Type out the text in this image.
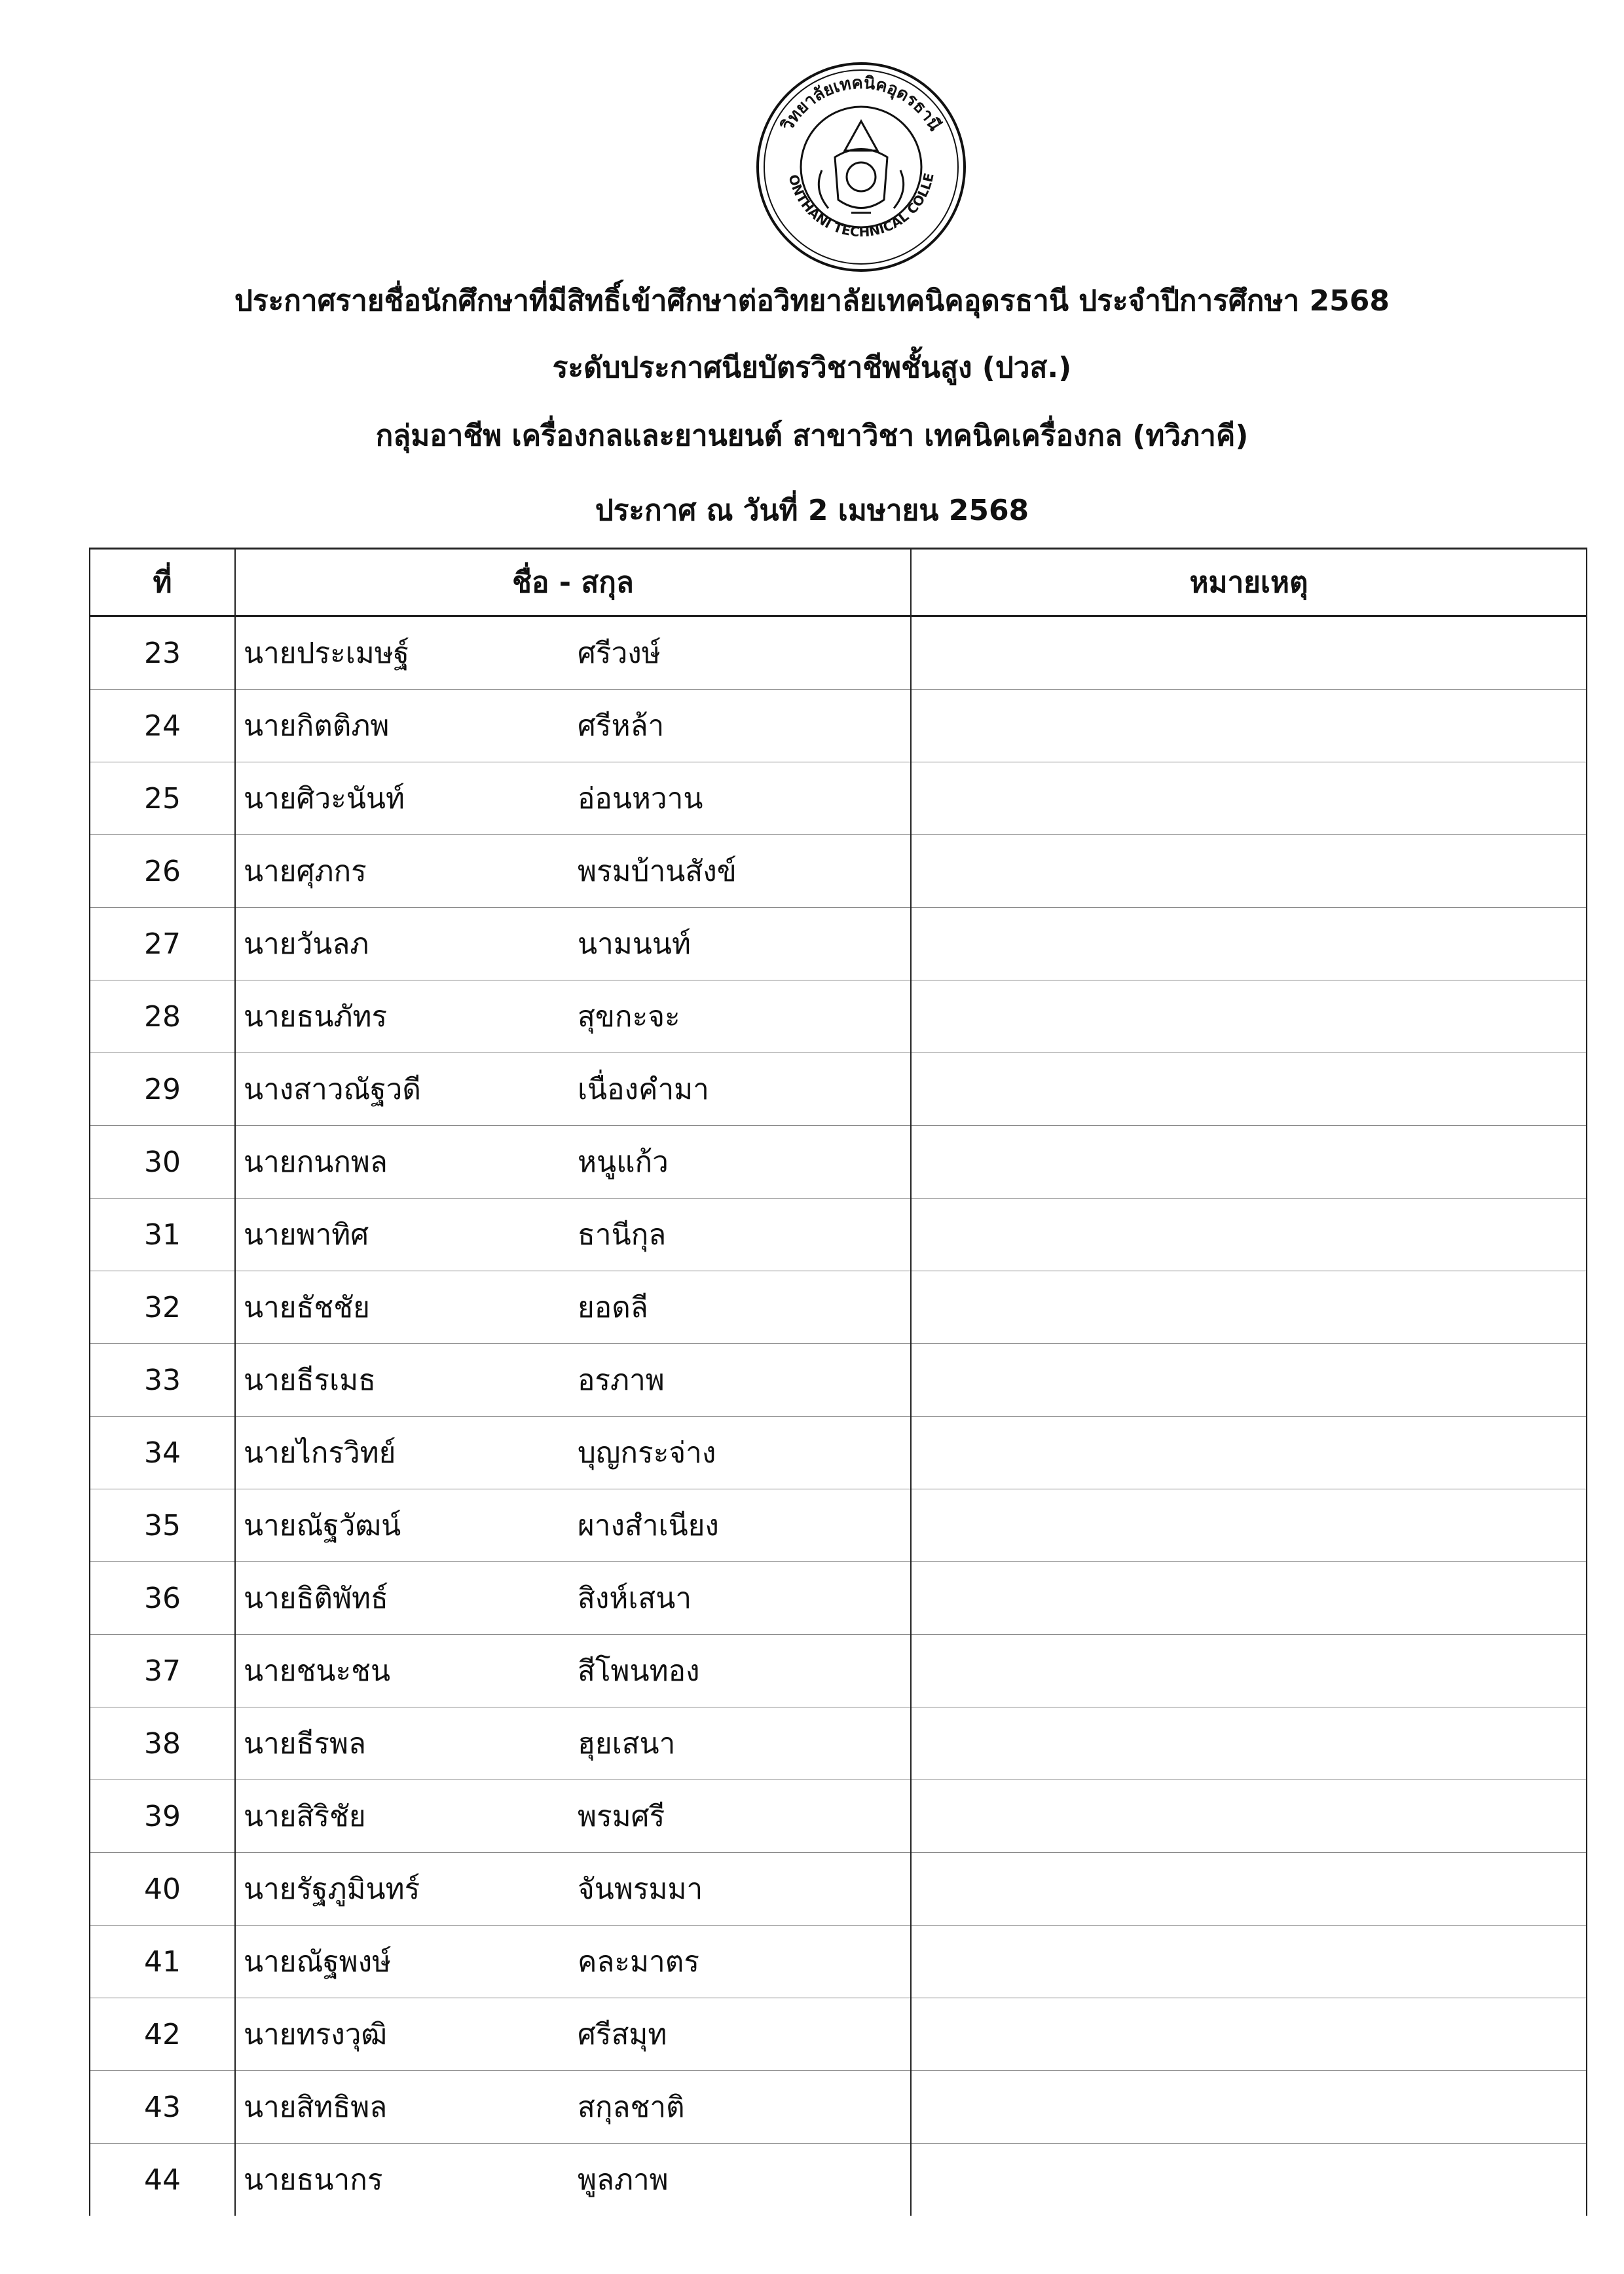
วิทยาลัยเทคนิคอุดรธานี
ONTHANI TECHNICAL COLLE
ประกาศรายชื่อนักศึกษาที่มีสิทธิ์เข้าศึกษาต่อวิทยาลัยเทคนิคอุดรธานี ประจำปีการศึกษา 2568
ระดับประกาศนียบัตรวิชาชีพชั้นสูง (ปวส.)
กลุ่มอาชีพ เครื่องกลและยานยนต์ สาขาวิชา เทคนิคเครื่องกล (ทวิภาคี)
ประกาศ ณ วันที่ 2 เมษายน 2568
ที่	ชื่อ - สกุล	หมายเหตุ
23	นายประเมษฐ์ ศรีวงษ์	
24	นายกิตติภพ ศรีหล้า	
25	นายศิวะนันท์ อ่อนหวาน	
26	นายศุภกร พรมบ้านสังข์	
27	นายวันลภ นามนนท์	
28	นายธนภัทร สุขกะจะ	
29	นางสาวณัฐวดี เนื่องคำมา	
30	นายกนกพล หนูแก้ว	
31	นายพาทิศ ธานีกุล	
32	นายธัชชัย ยอดลี	
33	นายธีรเมธ อรภาพ	
34	นายไกรวิทย์ บุญกระจ่าง	
35	นายณัฐวัฒน์ ผางสำเนียง	
36	นายธิติพัทธ์ สิงห์เสนา	
37	นายชนะชน สีโพนทอง	
38	นายธีรพล ฮุยเสนา	
39	นายสิริชัย พรมศรี	
40	นายรัฐภูมินทร์ จันพรมมา	
41	นายณัฐพงษ์ คละมาตร	
42	นายทรงวุฒิ ศรีสมุท	
43	นายสิทธิพล สกุลชาติ	
44	นายธนากร พูลภาพ	
